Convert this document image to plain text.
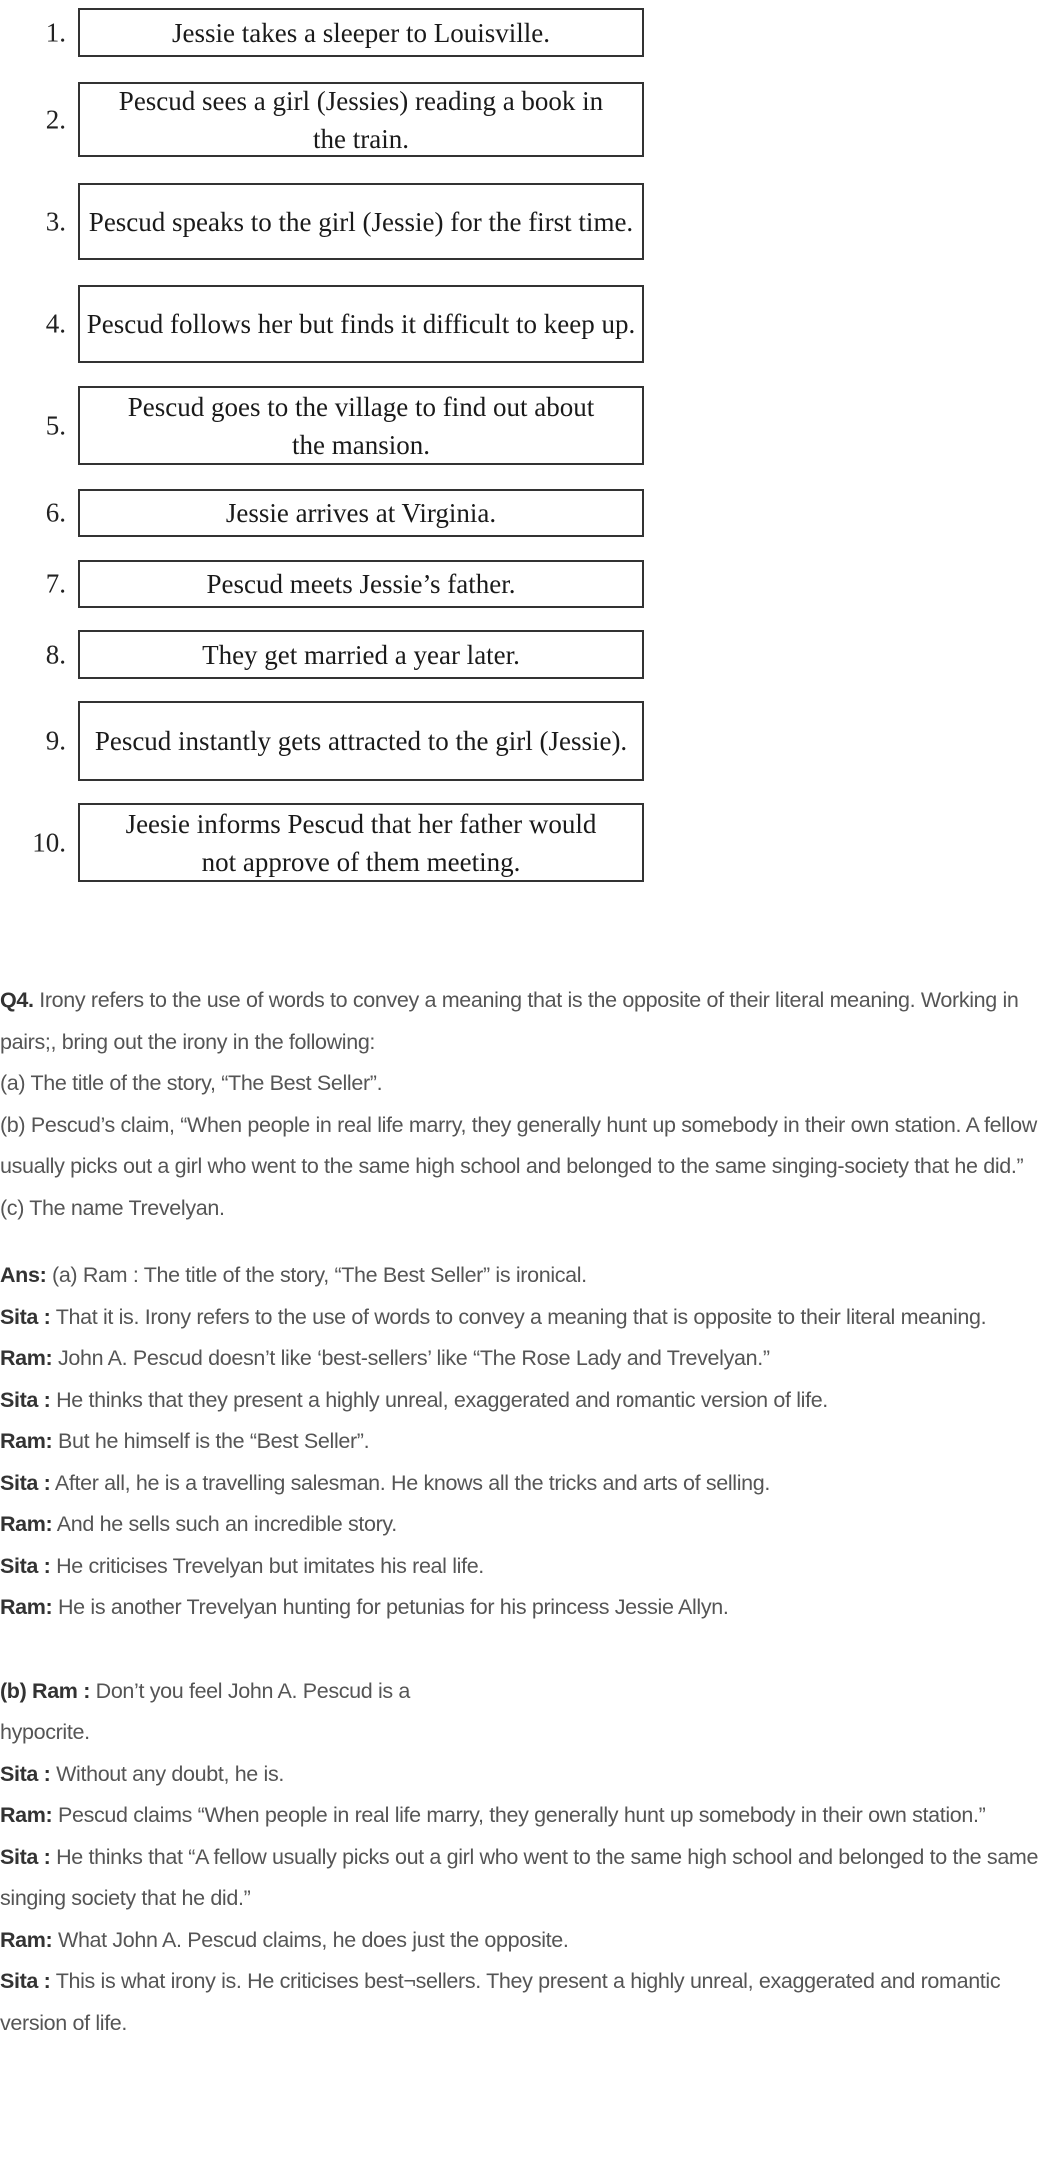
1.	Jessie takes a sleeper to Louisville.
2.
Pescud sees a girl (Jessies) reading a book in the train.
3. Pescud speaks to the girl (Jessie) for the first time.
4. Pescud follows her but finds it difficult to keep up.
5.
Pescud goes to the village to find out about the mansion.
6.	Jessie arrives at Virginia.
7.	Pescud meets Jessie’s father.
8.	They get married a year later.
9.	Pescud instantly gets attracted to the girl (Jessie).
10.
Jeesie informs Pescud that her father would not approve of them meeting.

Q4. Irony refers to the use of words to convey a meaning that is the opposite of their literal meaning. Working in pairs;, bring out the irony in the following:

(a) The title of the story, “The Best Seller”.

(b) Pescud’s claim, “When people in real life marry, they generally hunt up somebody in their own station. A fellow usually picks out a girl who went to the same high school and belonged to the same singing-society that he did.”

(c) The name Trevelyan.

Ans: (a) Ram : The title of the story, “The Best Seller” is ironical.

Sita : That it is. Irony refers to the use of words to convey a meaning that is opposite to their literal meaning.

Ram: John A. Pescud doesn’t like ‘best-sellers’ like “The Rose Lady and Trevelyan.”

Sita : He thinks that they present a highly unreal, exaggerated and romantic version of life.

Ram: But he himself is the “Best Seller”.

Sita : After all, he is a travelling salesman. He knows all the tricks and arts of selling.

Ram: And he sells such an incredible story.

Sita : He criticises Trevelyan but imitates his real life.

Ram: He is another Trevelyan hunting for petunias for his princess Jessie Allyn.

(b) Ram : Don’t you feel John A. Pescud is a

hypocrite.

Sita : Without any doubt, he is.

Ram: Pescud claims “When people in real life marry, they generally hunt up somebody in their own station.”

Sita : He thinks that “A fellow usually picks out a girl who went to the same high school and belonged to the same singing society that he did.”

Ram: What John A. Pescud claims, he does just the opposite.

Sita : This is what irony is. He criticises best¬sellers. They present a highly unreal, exaggerated and romantic version of life.
